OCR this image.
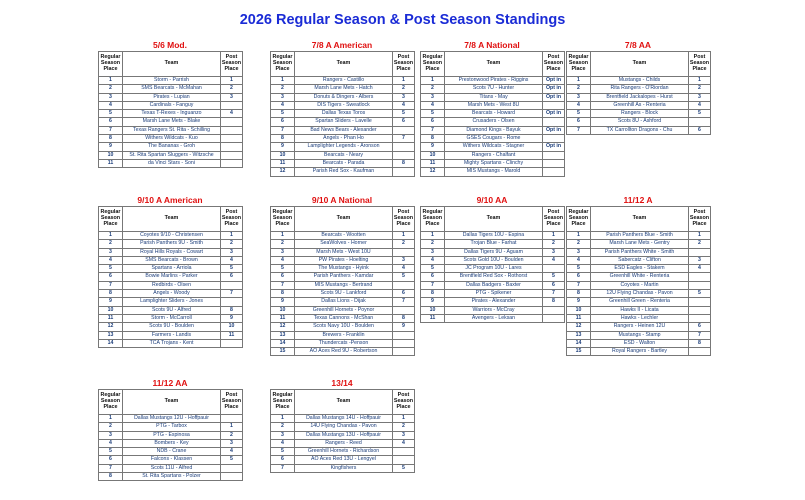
2026 Regular Season & Post Season Standings
5/6 Mod.
Regular Season Place	Team	Post Season Place
1	Storm - Parrish	1
2	SMS Bearcats - McMahan	2
3	Pirates - Lupian	3
4	Cardinals - Fanguy	
5	Texas T-Rexes - Inguanzo	4
6	Marsh Lane Mets - Blake	
7	Texas Rangers St. Rita - Schilling	
8	Withers Wildcats - Kuo	
9	The Bananas - Groh	
10	St. Rita Spartan Sluggers - Witzsche	
11	da Vinci Stars - Soni	
7/8 A American
Regular Season Place	Team	Post Season Place
1	Rangers - Castillo	1
2	Marsh Lane Mets - Hatch	2
3	Donuts & Dingers - Albers	3
4	DIS Tigers - Sweatlock	4
5	Dallas Texas Toros	5
6	Spartan Sliders - Lavelle	6
7	Bad News Bears - Alexander	
8	Angels - Phan Ho	7
9	Lamplighter Legends - Aronson	
10	Bearcats - Neary	
11	Bearcats - Parada	8
12	Parish Red Sox - Kaufman	
7/8 A National
Regular Season Place	Team	Post Season Place
1	Prestonwood Pirates - Riggins	Opt in
2	Scots 7U - Hunter	Opt in
3	Titans - May	Opt in
4	Marsh Mets - West 8U	
5	Bearcats - Howard	Opt in
6	Crusaders - Olsen	
7	Diamond Kings - Bayuk	Opt in
8	GSES Cougars - Rome	
9	Withers Wildcats - Stagner	Opt in
10	Rangers - Chalfant	
11	Mighty Spartans - Clinchy	
12	MIS Mustangs - Marold	
7/8 AA
Regular Season Place	Team	Post Season Place
1	Mustangs - Childs	1
2	Rita Rangers - O'Riordan	2
3	Brentfield Jackalopes - Hurst	3
4	Greenhill As - Renteria	4
5	Rangers - Block	5
6	Scots 8U - Ashford	
7	TX Carrollton Dragons - Chu	6
9/10 A American
Regular Season Place	Team	Post Season Place
1	Coyotes 9/10 - Christensen	1
2	Parish Panthers 9U - Smith	2
3	Royal Hills Royals - Cowart	3
4	SMS Bearcats - Brown	4
5	Spartans - Arriola	5
6	Bowie Marlins - Parker	6
7	Redbirds - Olsen	
8	Angels - Woody	7
9	Lamplighter Sliders - Jones	
10	Scots 9U - Alfred	8
11	Storm - McCarroll	9
12	Scots 9U - Boulden	10
13	Farmers - Landis	11
14	TCA Trojans - Kent	
9/10 A National
Regular Season Place	Team	Post Season Place
1	Bearcats - Wootten	1
2	SeaWolves - Horner	2
3	Marsh Mets - West 10U	
4	PW Pirates - Hoelting	3
5	The Mustangs - Hyink	4
6	Parish Panthers - Kamdar	5
7	MIS Mustangs - Bertrand	
8	Scots 9U - Lankford	6
9	Dallas Lions - Dijak	7
10	Greenhill Hornets - Poynor	
11	Texas Cannons - McShan	8
12	Scots Navy 10U - Boulden	9
13	Brewers - Franklin	
14	Thundercats -Penson	
15	AO Aces Red 9U - Robertson	
9/10 AA
Regular Season Place	Team	Post Season Place
1	Dallas Tigers 10U - Espina	1
2	Trojan Blue - Farhat	2
3	Dallas Tigers 9U - Aguam	3
4	Scots Gold 10U - Boulden	4
5	JC Program 10U - Lares	
6	Brentfield Red Sox - Rothorst	5
7	Dallas Badgers - Baxter	6
8	PTG - Spikener	7
9	Pirates - Alexander	8
10	Warriors - McCray	
11	Avengers - Leksan	
11/12 A
Regular Season Place	Team	Post Season Place
1	Parish Panthers Blue - Smith	1
2	Marsh Lane Mets - Gentry	2
3	Parish Panthers White - Smith	
4	Sabercatz - Clifton	3
5	ESD Eagles - Stakem	4
6	Greenhill White - Renteria	
7	Coyotes - Martin	
8	12U Flying Chandas - Pavon	5
9	Greenhill Green - Renteria	
10	Hawks II - Licata	
11	Hawks - Lechler	
12	Rangers - Heinen 12U	6
13	Mustangs - Stamp	7
14	ESD - Walton	8
15	Royal Rangers - Bartley	
11/12 AA
Regular Season Place	Team	Post Season Place
1	Dallas Mustangs 12U - Hoffpauir	
2	PTG - Tarbox	1
3	PTG - Espinosa	2
4	Bombers - Key	3
5	NDB - Crane	4
6	Falcons - Klassen	5
7	Scots 11U - Alfred	
8	St. Rita Spartans - Polzer	
13/14
Regular Season Place	Team	Post Season Place
1	Dallas Mustangs 14U - Hoffpauir	1
2	14U Flying Chandas - Pavon	2
3	Dallas Mustangs 13U - Hoffpauir	3
4	Rangers - Reed	4
5	Greenhill Hornets - Richardson	
6	AO Aces Red 13U - Lengyel	
7	Kingfishers	5
